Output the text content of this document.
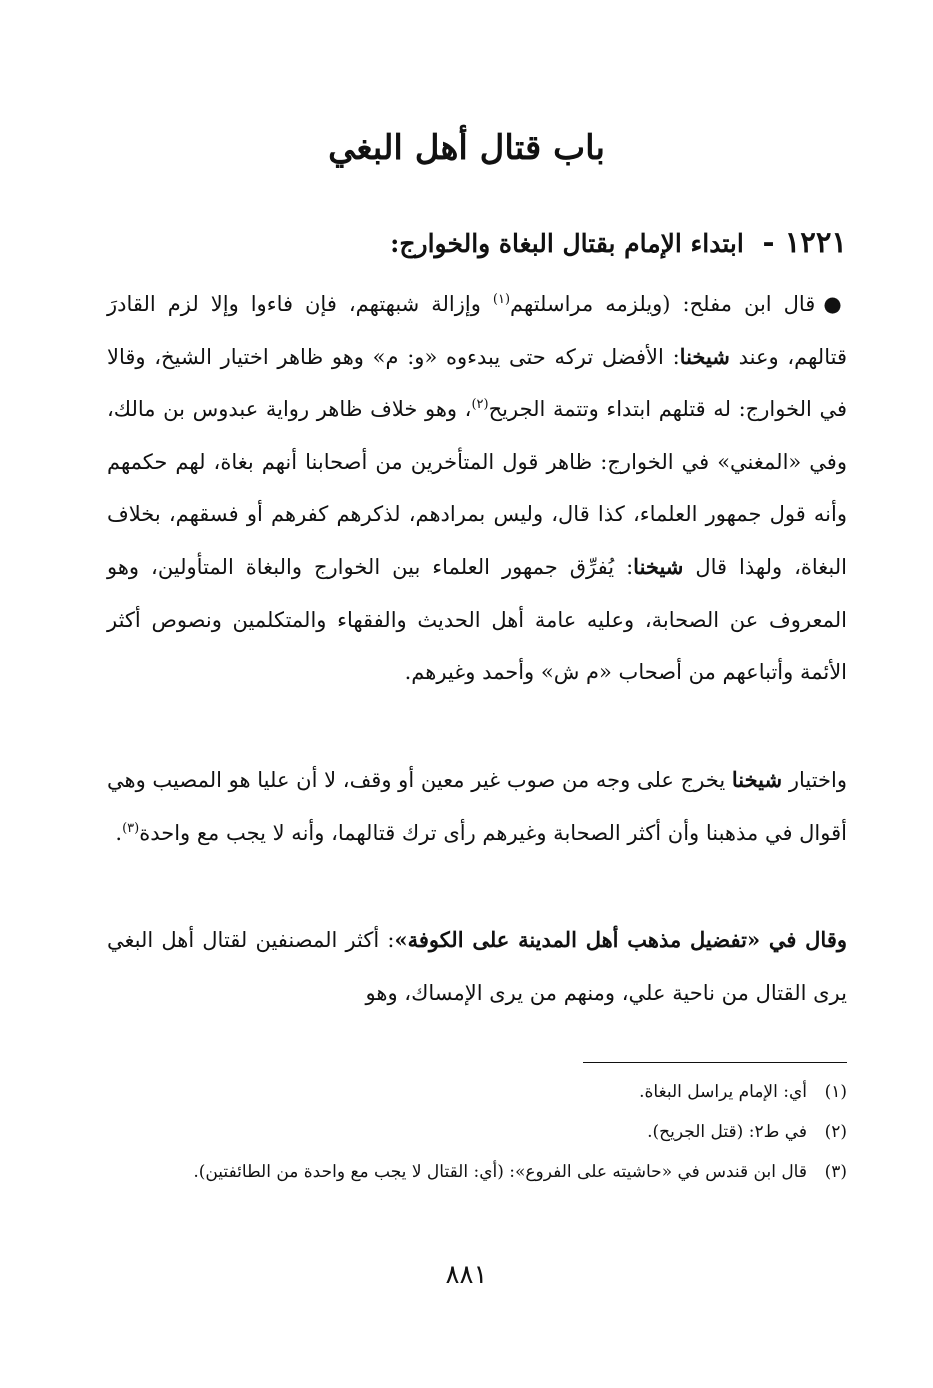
باب قتال أهل البغي
١٢٢١ - ابتداء الإمام بقتال البغاة والخوارج:
●قال ابن مفلح: (ويلزمه مراسلتهم$^{(١)}$ وإزالة شبهتهم، فإن فاءوا وإلا لزم القادرَ قتالهم، وعند شيخنا: الأفضل تركه حتى يبدءوه «و: م» وهو ظاهر اختيار الشيخ، وقالا في الخوارج: له قتلهم ابتداء وتتمة الجريح$^{(٢)}$، وهو خلاف ظاهر رواية عبدوس بن مالك، وفي «المغني» في الخوارج: ظاهر قول المتأخرين من أصحابنا أنهم بغاة، لهم حكمهم وأنه قول جمهور العلماء، كذا قال، وليس بمرادهم، لذكرهم كفرهم أو فسقهم، بخلاف البغاة، ولهذا قال شيخنا: يُفرِّق جمهور العلماء بين الخوارج والبغاة المتأولين، وهو المعروف عن الصحابة، وعليه عامة أهل الحديث والفقهاء والمتكلمين ونصوص أكثر الأئمة وأتباعهم من أصحاب «م ش» وأحمد وغيرهم.
واختيار شيخنا يخرج على وجه من صوب غير معين أو وقف، لا أن عليا هو المصيب وهي أقوال في مذهبنا وأن أكثر الصحابة وغيرهم رأى ترك قتالهما، وأنه لا يجب مع واحدة$^{(٣)}$.
وقال في «تفضيل مذهب أهل المدينة على الكوفة»: أكثر المصنفين لقتال أهل البغي يرى القتال من ناحية علي، ومنهم من يرى الإمساك، وهو
(١)
أي: الإمام يراسل البغاة.
(٢)
في ط٢: (قتل الجريح).
(٣)
قال ابن قندس في «حاشيته على الفروع»: (أي: القتال لا يجب مع واحدة من الطائفتين).
٨٨١
